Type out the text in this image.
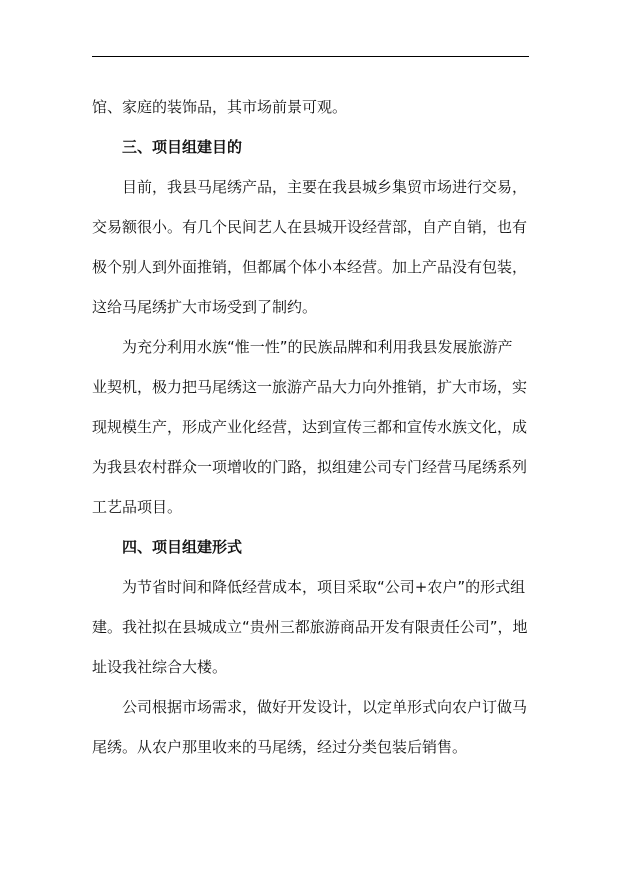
馆、家庭的装饰品，其市场前景可观。
三、项目组建目的
目前，我县马尾绣产品，主要在我县城乡集贸市场进行交易，
交易额很小。有几个民间艺人在县城开设经营部，自产自销，也有
极个别人到外面推销，但都属个体小本经营。加上产品没有包装，
这给马尾绣扩大市场受到了制约。
为充分利用水族“惟一性”的民族品牌和利用我县发展旅游产
业契机，极力把马尾绣这一旅游产品大力向外推销，扩大市场，实
现规模生产，形成产业化经营，达到宣传三都和宣传水族文化，成
为我县农村群众一项增收的门路，拟组建公司专门经营马尾绣系列
工艺品项目。
四、项目组建形式
为节省时间和降低经营成本，项目采取“公司+农户”的形式组
建。我社拟在县城成立“贵州三都旅游商品开发有限责任公司”，地
址设我社综合大楼。
公司根据市场需求，做好开发设计，以定单形式向农户订做马
尾绣。从农户那里收来的马尾绣，经过分类包装后销售。
